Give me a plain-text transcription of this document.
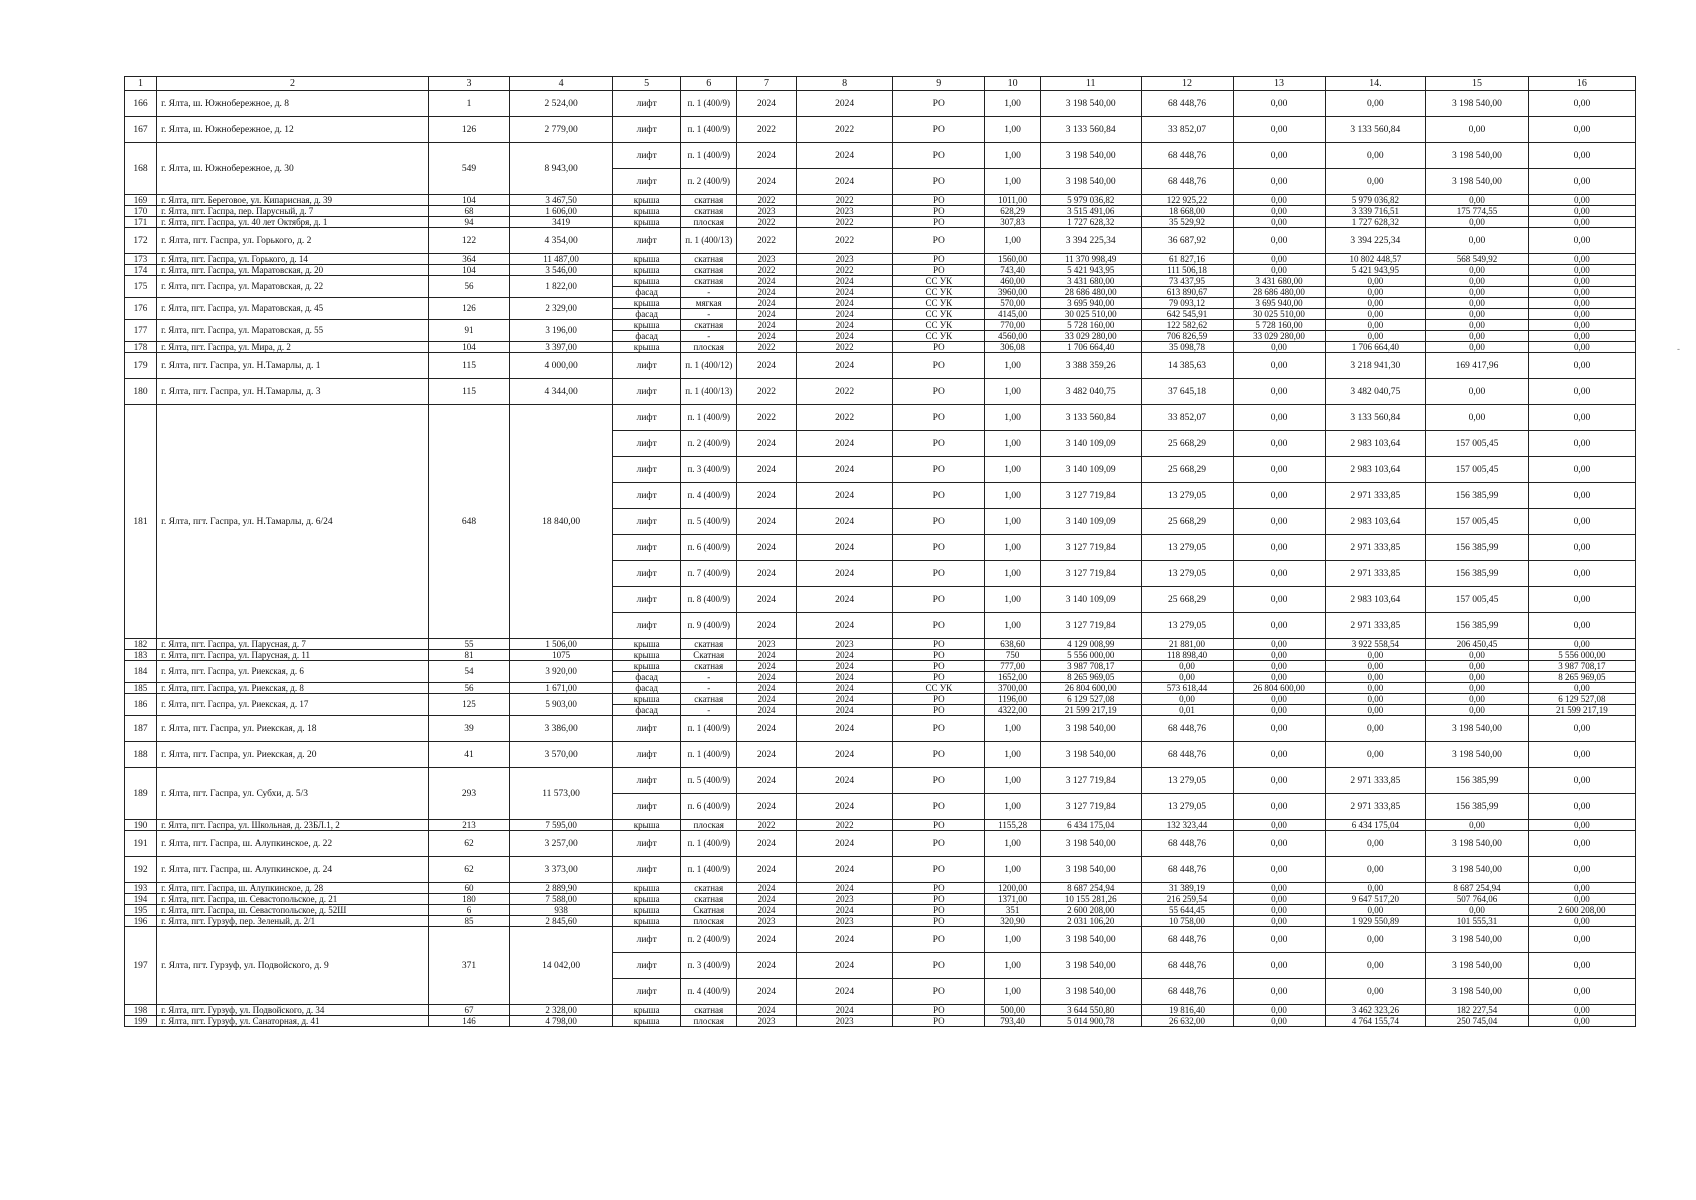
1	2	3	4	5	6	7	8	9	10	11	12	13	14.	15	16
166	г. Ялта, ш. Южнобережное, д. 8	1	2 524,00	лифт	п. 1 (400/9)	2024	2024	РО	1,00	3 198 540,00	68 448,76	0,00	0,00	3 198 540,00	0,00
167	г. Ялта, ш. Южнобережное, д. 12	126	2 779,00	лифт	п. 1 (400/9)	2022	2022	РО	1,00	3 133 560,84	33 852,07	0,00	3 133 560,84	0,00	0,00
168	г. Ялта, ш. Южнобережное, д. 30	549	8 943,00	лифт	п. 1 (400/9)	2024	2024	РО	1,00	3 198 540,00	68 448,76	0,00	0,00	3 198 540,00	0,00
				лифт	п. 2 (400/9)	2024	2024	РО	1,00	3 198 540,00	68 448,76	0,00	0,00	3 198 540,00	0,00
169	г. Ялта, пгт. Береговое, ул. Кипарисная, д. 39	104	3 467,50	крыша	скатная	2022	2022	РО	1011,00	5 979 036,82	122 925,22	0,00	5 979 036,82	0,00	0,00
170	г. Ялта, пгт. Гаспра, пер. Парусный, д. 7	68	1 606,00	крыша	скатная	2023	2023	РО	628,29	3 515 491,06	18 668,00	0,00	3 339 716,51	175 774,55	0,00
171	г. Ялта, пгт. Гаспра, ул. 40 лет Октября, д. 1	94	3419	крыша	плоская	2022	2022	РО	307,83	1 727 628,32	35 529,92	0,00	1 727 628,32	0,00	0,00
172	г. Ялта, пгт. Гаспра, ул. Горького, д. 2	122	4 354,00	лифт	п. 1 (400/13)	2022	2022	РО	1,00	3 394 225,34	36 687,92	0,00	3 394 225,34	0,00	0,00
173	г. Ялта, пгт. Гаспра, ул. Горького, д. 14	364	11 487,00	крыша	скатная	2023	2023	РО	1560,00	11 370 998,49	61 827,16	0,00	10 802 448,57	568 549,92	0,00
174	г. Ялта, пгт. Гаспра, ул. Маратовская, д. 20	104	3 546,00	крыша	скатная	2022	2022	РО	743,40	5 421 943,95	111 506,18	0,00	5 421 943,95	0,00	0,00
175	г. Ялта, пгт. Гаспра, ул. Маратовская, д. 22	56	1 822,00	крыша	скатная	2024	2024	СС УК	460,00	3 431 680,00	73 437,95	3 431 680,00	0,00	0,00	0,00
				фасад	-	2024	2024	СС УК	3960,00	28 686 480,00	613 890,67	28 686 480,00	0,00	0,00	0,00
176	г. Ялта, пгт. Гаспра, ул. Маратовская, д. 45	126	2 329,00	крыша	мягкая	2024	2024	СС УК	570,00	3 695 940,00	79 093,12	3 695 940,00	0,00	0,00	0,00
				фасад	-	2024	2024	СС УК	4145,00	30 025 510,00	642 545,91	30 025 510,00	0,00	0,00	0,00
177	г. Ялта, пгт. Гаспра, ул. Маратовская, д. 55	91	3 196,00	крыша	скатная	2024	2024	СС УК	770,00	5 728 160,00	122 582,62	5 728 160,00	0,00	0,00	0,00
				фасад	-	2024	2024	СС УК	4560,00	33 029 280,00	706 826,59	33 029 280,00	0,00	0,00	0,00
178	г. Ялта, пгт. Гаспра, ул. Мира, д. 2	104	3 397,00	крыша	плоская	2022	2022	РО	306,08	1 706 664,40	35 098,78	0,00	1 706 664,40	0,00	0,00
179	г. Ялта, пгт. Гаспра, ул. Н.Тамарлы, д. 1	115	4 000,00	лифт	п. 1 (400/12)	2024	2024	РО	1,00	3 388 359,26	14 385,63	0,00	3 218 941,30	169 417,96	0,00
180	г. Ялта, пгт. Гаспра, ул. Н.Тамарлы, д. 3	115	4 344,00	лифт	п. 1 (400/13)	2022	2022	РО	1,00	3 482 040,75	37 645,18	0,00	3 482 040,75	0,00	0,00
181	г. Ялта, пгт. Гаспра, ул. Н.Тамарлы, д. 6/24	648	18 840,00	лифт	п. 1 (400/9)	2022	2022	РО	1,00	3 133 560,84	33 852,07	0,00	3 133 560,84	0,00	0,00
				лифт	п. 2 (400/9)	2024	2024	РО	1,00	3 140 109,09	25 668,29	0,00	2 983 103,64	157 005,45	0,00
				лифт	п. 3 (400/9)	2024	2024	РО	1,00	3 140 109,09	25 668,29	0,00	2 983 103,64	157 005,45	0,00
				лифт	п. 4 (400/9)	2024	2024	РО	1,00	3 127 719,84	13 279,05	0,00	2 971 333,85	156 385,99	0,00
				лифт	п. 5 (400/9)	2024	2024	РО	1,00	3 140 109,09	25 668,29	0,00	2 983 103,64	157 005,45	0,00
				лифт	п. 6 (400/9)	2024	2024	РО	1,00	3 127 719,84	13 279,05	0,00	2 971 333,85	156 385,99	0,00
				лифт	п. 7 (400/9)	2024	2024	РО	1,00	3 127 719,84	13 279,05	0,00	2 971 333,85	156 385,99	0,00
				лифт	п. 8 (400/9)	2024	2024	РО	1,00	3 140 109,09	25 668,29	0,00	2 983 103,64	157 005,45	0,00
				лифт	п. 9 (400/9)	2024	2024	РО	1,00	3 127 719,84	13 279,05	0,00	2 971 333,85	156 385,99	0,00
182	г. Ялта, пгт. Гаспра, ул. Парусная, д. 7	55	1 506,00	крыша	скатная	2023	2023	РО	638,60	4 129 008,99	21 881,00	0,00	3 922 558,54	206 450,45	0,00
183	г. Ялта, пгт. Гаспра, ул. Парусная, д. 11	81	1075	крыша	Скатная	2024	2024	РО	750	5 556 000,00	118 898,40	0,00	0,00	0,00	5 556 000,00
184	г. Ялта, пгт. Гаспра, ул. Риекская, д. 6	54	3 920,00	крыша	скатная	2024	2024	РО	777,00	3 987 708,17	0,00	0,00	0,00	0,00	3 987 708,17
				фасад	-	2024	2024	РО	1652,00	8 265 969,05	0,00	0,00	0,00	0,00	8 265 969,05
185	г. Ялта, пгт. Гаспра, ул. Риекская, д. 8	56	1 671,00	фасад	-	2024	2024	СС УК	3700,00	26 804 600,00	573 618,44	26 804 600,00	0,00	0,00	0,00
186	г. Ялта, пгт. Гаспра, ул. Риекская, д. 17	125	5 903,00	крыша	скатная	2024	2024	РО	1196,00	6 129 527,08	0,00	0,00	0,00	0,00	6 129 527,08
				фасад	-	2024	2024	РО	4322,00	21 599 217,19	0,01	0,00	0,00	0,00	21 599 217,19
187	г. Ялта, пгт. Гаспра, ул. Риекская, д. 18	39	3 386,00	лифт	п. 1 (400/9)	2024	2024	РО	1,00	3 198 540,00	68 448,76	0,00	0,00	3 198 540,00	0,00
188	г. Ялта, пгт. Гаспра, ул. Риекская, д. 20	41	3 570,00	лифт	п. 1 (400/9)	2024	2024	РО	1,00	3 198 540,00	68 448,76	0,00	0,00	3 198 540,00	0,00
189	г. Ялта, пгт. Гаспра, ул. Субхи, д. 5/3	293	11 573,00	лифт	п. 5 (400/9)	2024	2024	РО	1,00	3 127 719,84	13 279,05	0,00	2 971 333,85	156 385,99	0,00
				лифт	п. 6 (400/9)	2024	2024	РО	1,00	3 127 719,84	13 279,05	0,00	2 971 333,85	156 385,99	0,00
190	г. Ялта, пгт. Гаспра, ул. Школьная, д. 23БЛ.1, 2	213	7 595,00	крыша	плоская	2022	2022	РО	1155,28	6 434 175,04	132 323,44	0,00	6 434 175,04	0,00	0,00
191	г. Ялта, пгт. Гаспра, ш. Алупкинское, д. 22	62	3 257,00	лифт	п. 1 (400/9)	2024	2024	РО	1,00	3 198 540,00	68 448,76	0,00	0,00	3 198 540,00	0,00
192	г. Ялта, пгт. Гаспра, ш. Алупкинское, д. 24	62	3 373,00	лифт	п. 1 (400/9)	2024	2024	РО	1,00	3 198 540,00	68 448,76	0,00	0,00	3 198 540,00	0,00
193	г. Ялта, пгт. Гаспра, ш. Алупкинское, д. 28	60	2 889,90	крыша	скатная	2024	2024	РО	1200,00	8 687 254,94	31 389,19	0,00	0,00	8 687 254,94	0,00
194	г. Ялта, пгт. Гаспра, ш. Севастопольское, д. 21	180	7 588,00	крыша	скатная	2024	2023	РО	1371,00	10 155 281,26	216 259,54	0,00	9 647 517,20	507 764,06	0,00
195	г. Ялта, пгт. Гаспра, ш. Севастопольское, д. 52Ш	6	938	крыша	Скатная	2024	2024	РО	351	2 600 208,00	55 644,45	0,00	0,00	0,00	2 600 208,00
196	г. Ялта, пгт. Гурзуф, пер. Зеленый, д. 2/1	85	2 845,60	крыша	плоская	2023	2023	РО	320,90	2 031 106,20	10 758,00	0,00	1 929 550,89	101 555,31	0,00
197	г. Ялта, пгт. Гурзуф, ул. Подвойского, д. 9	371	14 042,00	лифт	п. 2 (400/9)	2024	2024	РО	1,00	3 198 540,00	68 448,76	0,00	0,00	3 198 540,00	0,00
				лифт	п. 3 (400/9)	2024	2024	РО	1,00	3 198 540,00	68 448,76	0,00	0,00	3 198 540,00	0,00
				лифт	п. 4 (400/9)	2024	2024	РО	1,00	3 198 540,00	68 448,76	0,00	0,00	3 198 540,00	0,00
198	г. Ялта, пгт. Гурзуф, ул. Подвойского, д. 34	67	2 328,00	крыша	скатная	2024	2024	РО	500,00	3 644 550,80	19 816,40	0,00	3 462 323,26	182 227,54	0,00
199	г. Ялта, пгт. Гурзуф, ул. Санаторная, д. 41	146	4 798,00	крыша	плоская	2023	2023	РО	793,40	5 014 900,78	26 632,00	0,00	4 764 155,74	250 745,04	0,00
-
